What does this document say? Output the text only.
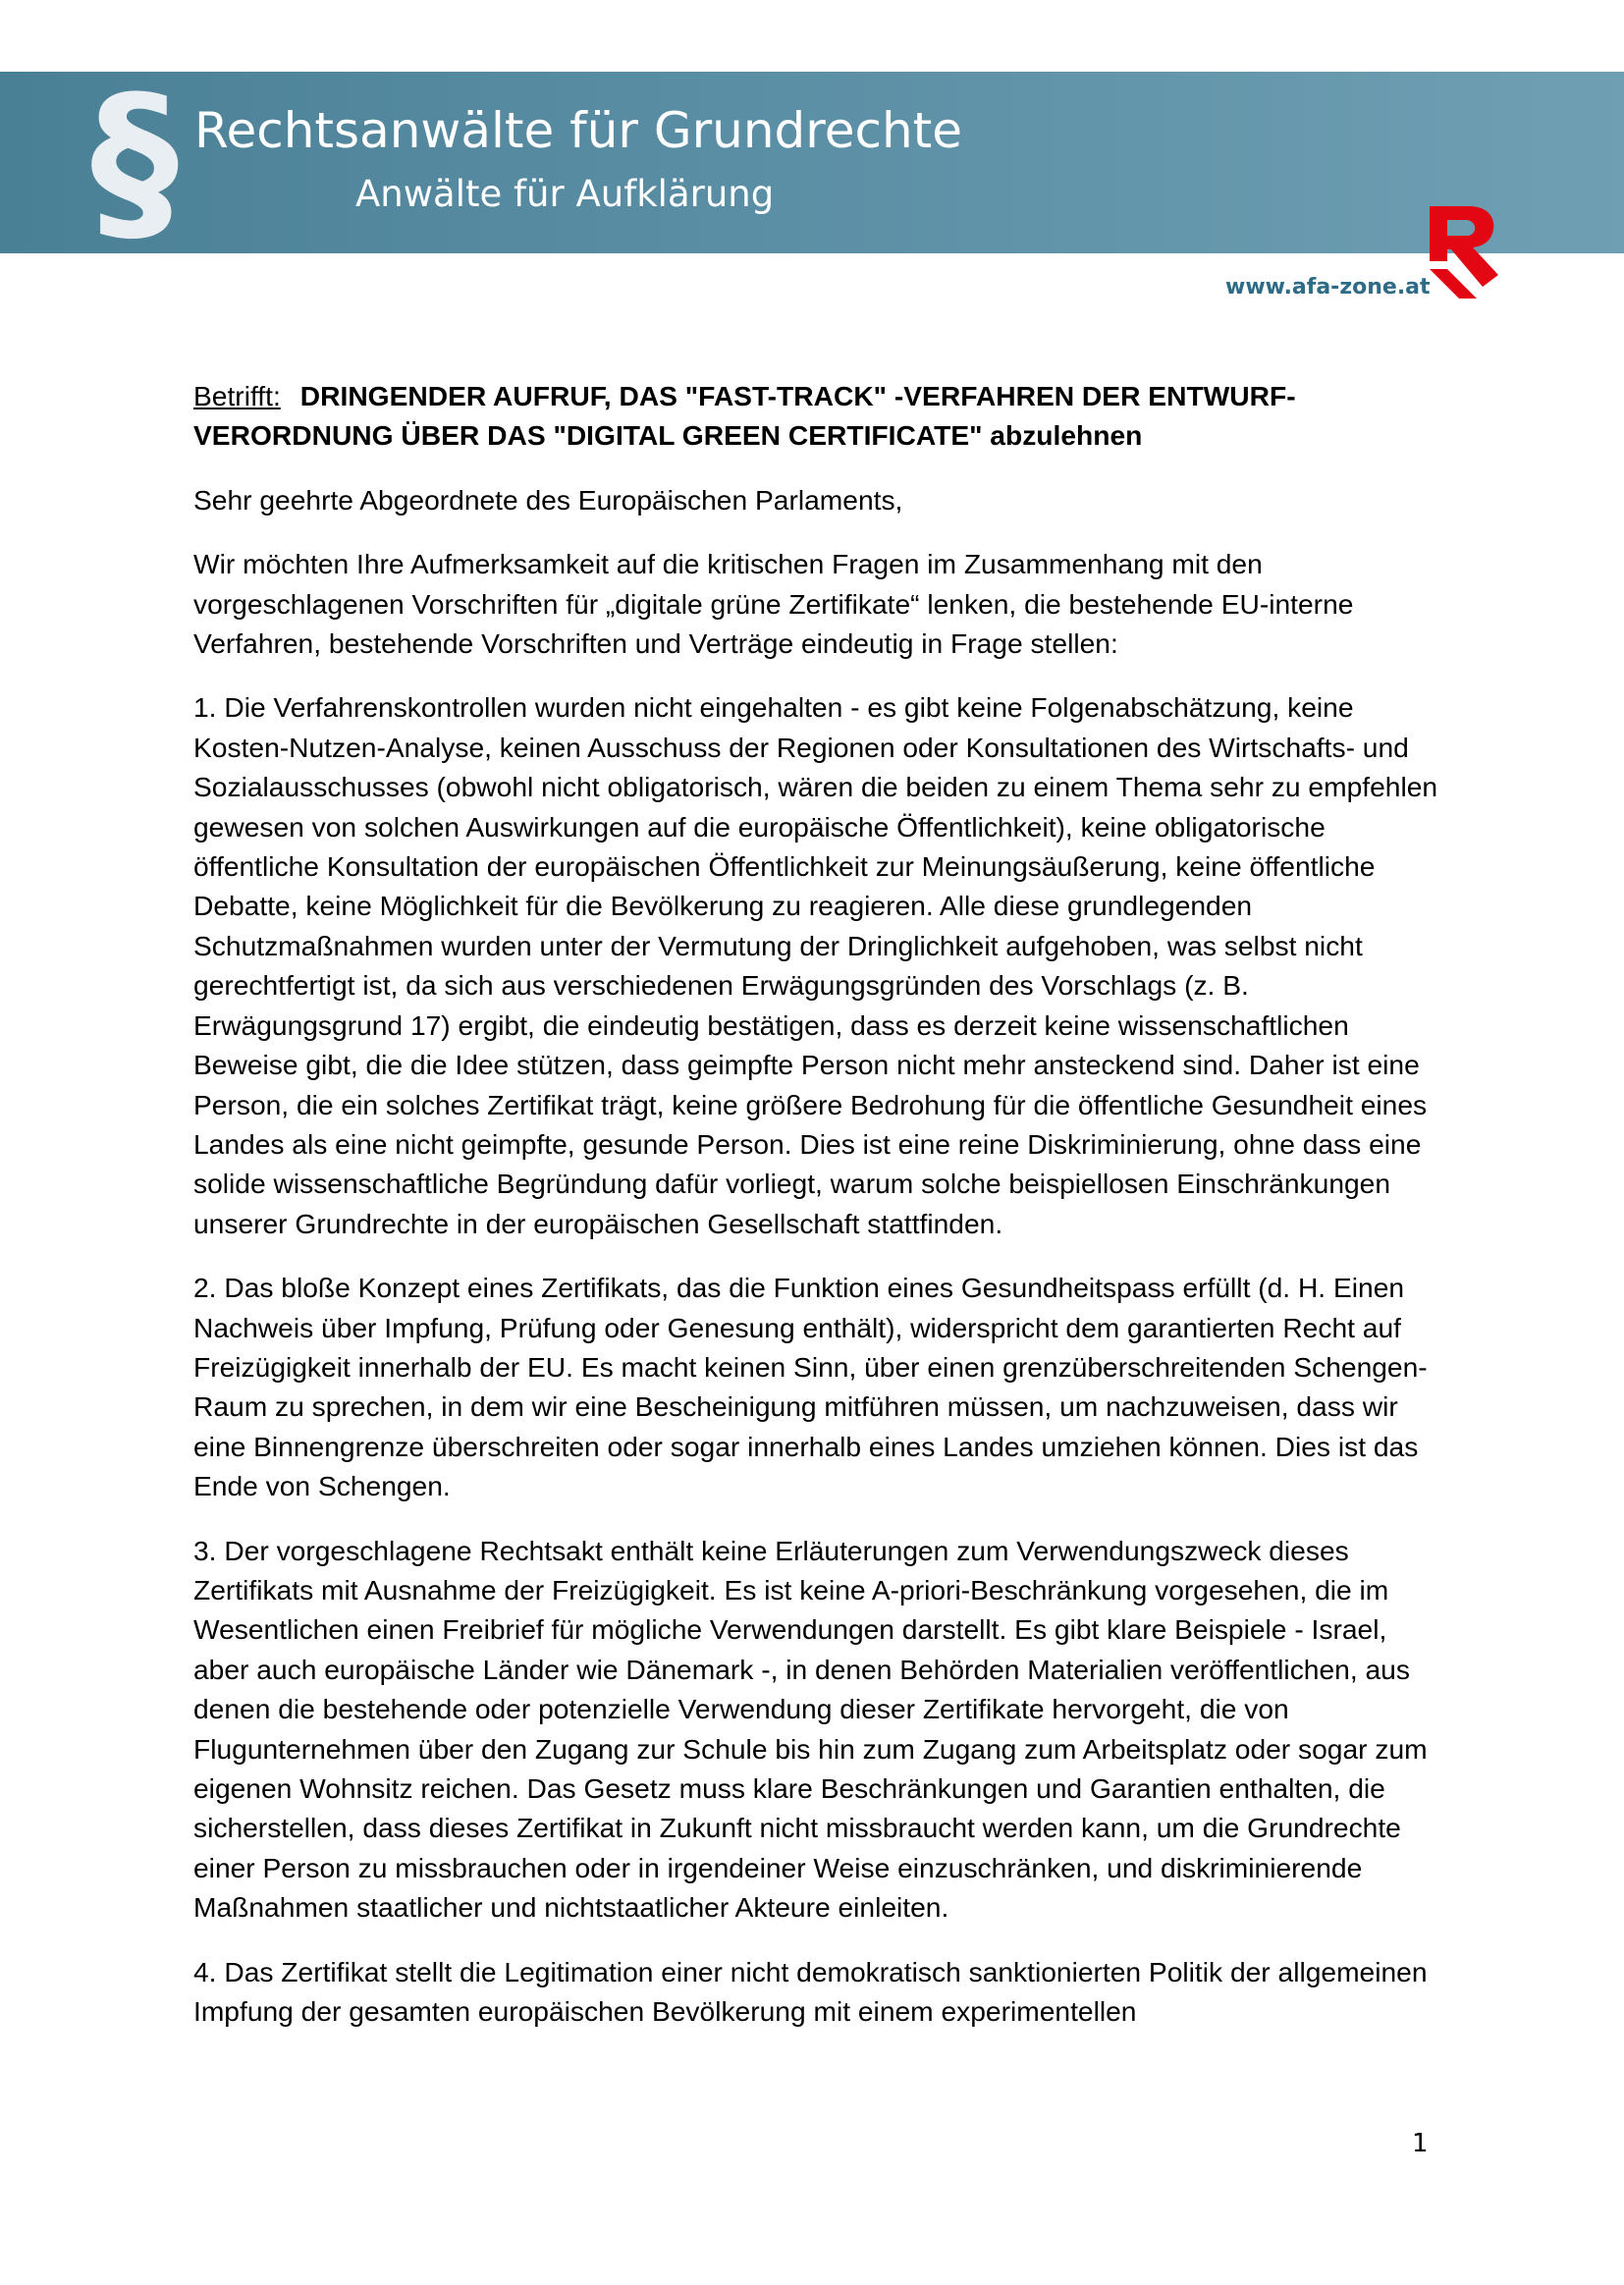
§ Rechtsanwälte für Grundrechte
Anwälte für Aufklärung
www.afa-zone.at

Betrifft: DRINGENDER AUFRUF, DAS "FAST-TRACK" -VERFAHREN DER ENTWURF-VERORDNUNG ÜBER DAS "DIGITAL GREEN CERTIFICATE" abzulehnen

Sehr geehrte Abgeordnete des Europäischen Parlaments,

Wir möchten Ihre Aufmerksamkeit auf die kritischen Fragen im Zusammenhang mit den vorgeschlagenen Vorschriften für „digitale grüne Zertifikate“ lenken, die bestehende EU-interne Verfahren, bestehende Vorschriften und Verträge eindeutig in Frage stellen:

1. Die Verfahrenskontrollen wurden nicht eingehalten - es gibt keine Folgenabschätzung, keine Kosten-Nutzen-Analyse, keinen Ausschuss der Regionen oder Konsultationen des Wirtschafts- und Sozialausschusses (obwohl nicht obligatorisch, wären die beiden zu einem Thema sehr zu empfehlen gewesen von solchen Auswirkungen auf die europäische Öffentlichkeit), keine obligatorische öffentliche Konsultation der europäischen Öffentlichkeit zur Meinungsäußerung, keine öffentliche Debatte, keine Möglichkeit für die Bevölkerung zu reagieren. Alle diese grundlegenden Schutzmaßnahmen wurden unter der Vermutung der Dringlichkeit aufgehoben, was selbst nicht gerechtfertigt ist, da sich aus verschiedenen Erwägungsgründen des Vorschlags (z. B. Erwägungsgrund 17) ergibt, die eindeutig bestätigen, dass es derzeit keine wissenschaftlichen Beweise gibt, die die Idee stützen, dass geimpfte Person nicht mehr ansteckend sind. Daher ist eine Person, die ein solches Zertifikat trägt, keine größere Bedrohung für die öffentliche Gesundheit eines Landes als eine nicht geimpfte, gesunde Person. Dies ist eine reine Diskriminierung, ohne dass eine solide wissenschaftliche Begründung dafür vorliegt, warum solche beispiellosen Einschränkungen unserer Grundrechte in der europäischen Gesellschaft stattfinden.

2. Das bloße Konzept eines Zertifikats, das die Funktion eines Gesundheitspass erfüllt (d. H. Einen Nachweis über Impfung, Prüfung oder Genesung enthält), widerspricht dem garantierten Recht auf Freizügigkeit innerhalb der EU. Es macht keinen Sinn, über einen grenzüberschreitenden Schengen-Raum zu sprechen, in dem wir eine Bescheinigung mitführen müssen, um nachzuweisen, dass wir eine Binnengrenze überschreiten oder sogar innerhalb eines Landes umziehen können. Dies ist das Ende von Schengen.

3. Der vorgeschlagene Rechtsakt enthält keine Erläuterungen zum Verwendungszweck dieses Zertifikats mit Ausnahme der Freizügigkeit. Es ist keine A-priori-Beschränkung vorgesehen, die im Wesentlichen einen Freibrief für mögliche Verwendungen darstellt. Es gibt klare Beispiele - Israel, aber auch europäische Länder wie Dänemark -, in denen Behörden Materialien veröffentlichen, aus denen die bestehende oder potenzielle Verwendung dieser Zertifikate hervorgeht, die von Flugunternehmen über den Zugang zur Schule bis hin zum Zugang zum Arbeitsplatz oder sogar zum eigenen Wohnsitz reichen. Das Gesetz muss klare Beschränkungen und Garantien enthalten, die sicherstellen, dass dieses Zertifikat in Zukunft nicht missbraucht werden kann, um die Grundrechte einer Person zu missbrauchen oder in irgendeiner Weise einzuschränken, und diskriminierende Maßnahmen staatlicher und nichtstaatlicher Akteure einleiten.

4. Das Zertifikat stellt die Legitimation einer nicht demokratisch sanktionierten Politik der allgemeinen Impfung der gesamten europäischen Bevölkerung mit einem experimentellen

1
